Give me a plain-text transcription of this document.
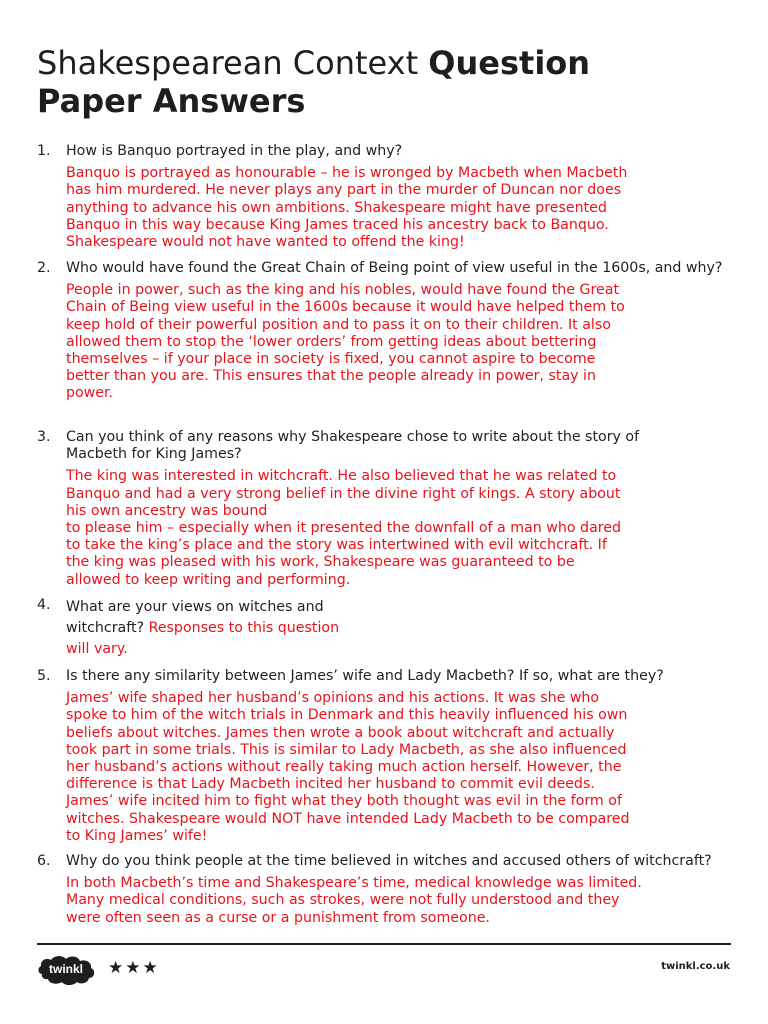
Shakespearean Context Question
Paper Answers
1. How is Banquo portrayed in the play, and why?
Banquo is portrayed as honourable – he is wronged by Macbeth when Macbeth
has him murdered. He never plays any part in the murder of Duncan nor does
anything to advance his own ambitions. Shakespeare might have presented
Banquo in this way because King James traced his ancestry back to Banquo.
Shakespeare would not have wanted to offend the king!
2. Who would have found the Great Chain of Being point of view useful in the 1600s, and why?
People in power, such as the king and his nobles, would have found the Great
Chain of Being view useful in the 1600s because it would have helped them to
keep hold of their powerful position and to pass it on to their children. It also
allowed them to stop the ‘lower orders’ from getting ideas about bettering
themselves – if your place in society is fixed, you cannot aspire to become
better than you are. This ensures that the people already in power, stay in
power.
3. Can you think of any reasons why Shakespeare chose to write about the story of Macbeth for King James?
The king was interested in witchcraft. He also believed that he was related to
Banquo and had a very strong belief in the divine right of kings. A story about
his own ancestry was bound
to please him – especially when it presented the downfall of a man who dared
to take the king’s place and the story was intertwined with evil witchcraft. If
the king was pleased with his work, Shakespeare was guaranteed to be
allowed to keep writing and performing.
4. What are your views on witches and
witchcraft? Responses to this question
will vary.
5. Is there any similarity between James’ wife and Lady Macbeth? If so, what are they?
James’ wife shaped her husband’s opinions and his actions. It was she who
spoke to him of the witch trials in Denmark and this heavily influenced his own
beliefs about witches. James then wrote a book about witchcraft and actually
took part in some trials. This is similar to Lady Macbeth, as she also influenced
her husband’s actions without really taking much action herself. However, the
difference is that Lady Macbeth incited her husband to commit evil deeds.
James’ wife incited him to fight what they both thought was evil in the form of
witches. Shakespeare would NOT have intended Lady Macbeth to be compared
to King James’ wife!
6. Why do you think people at the time believed in witches and accused others of witchcraft?
In both Macbeth’s time and Shakespeare’s time, medical knowledge was limited.
Many medical conditions, such as strokes, were not fully understood and they
were often seen as a curse or a punishment from someone.
twinkl ★★★	twinkl.co.uk
